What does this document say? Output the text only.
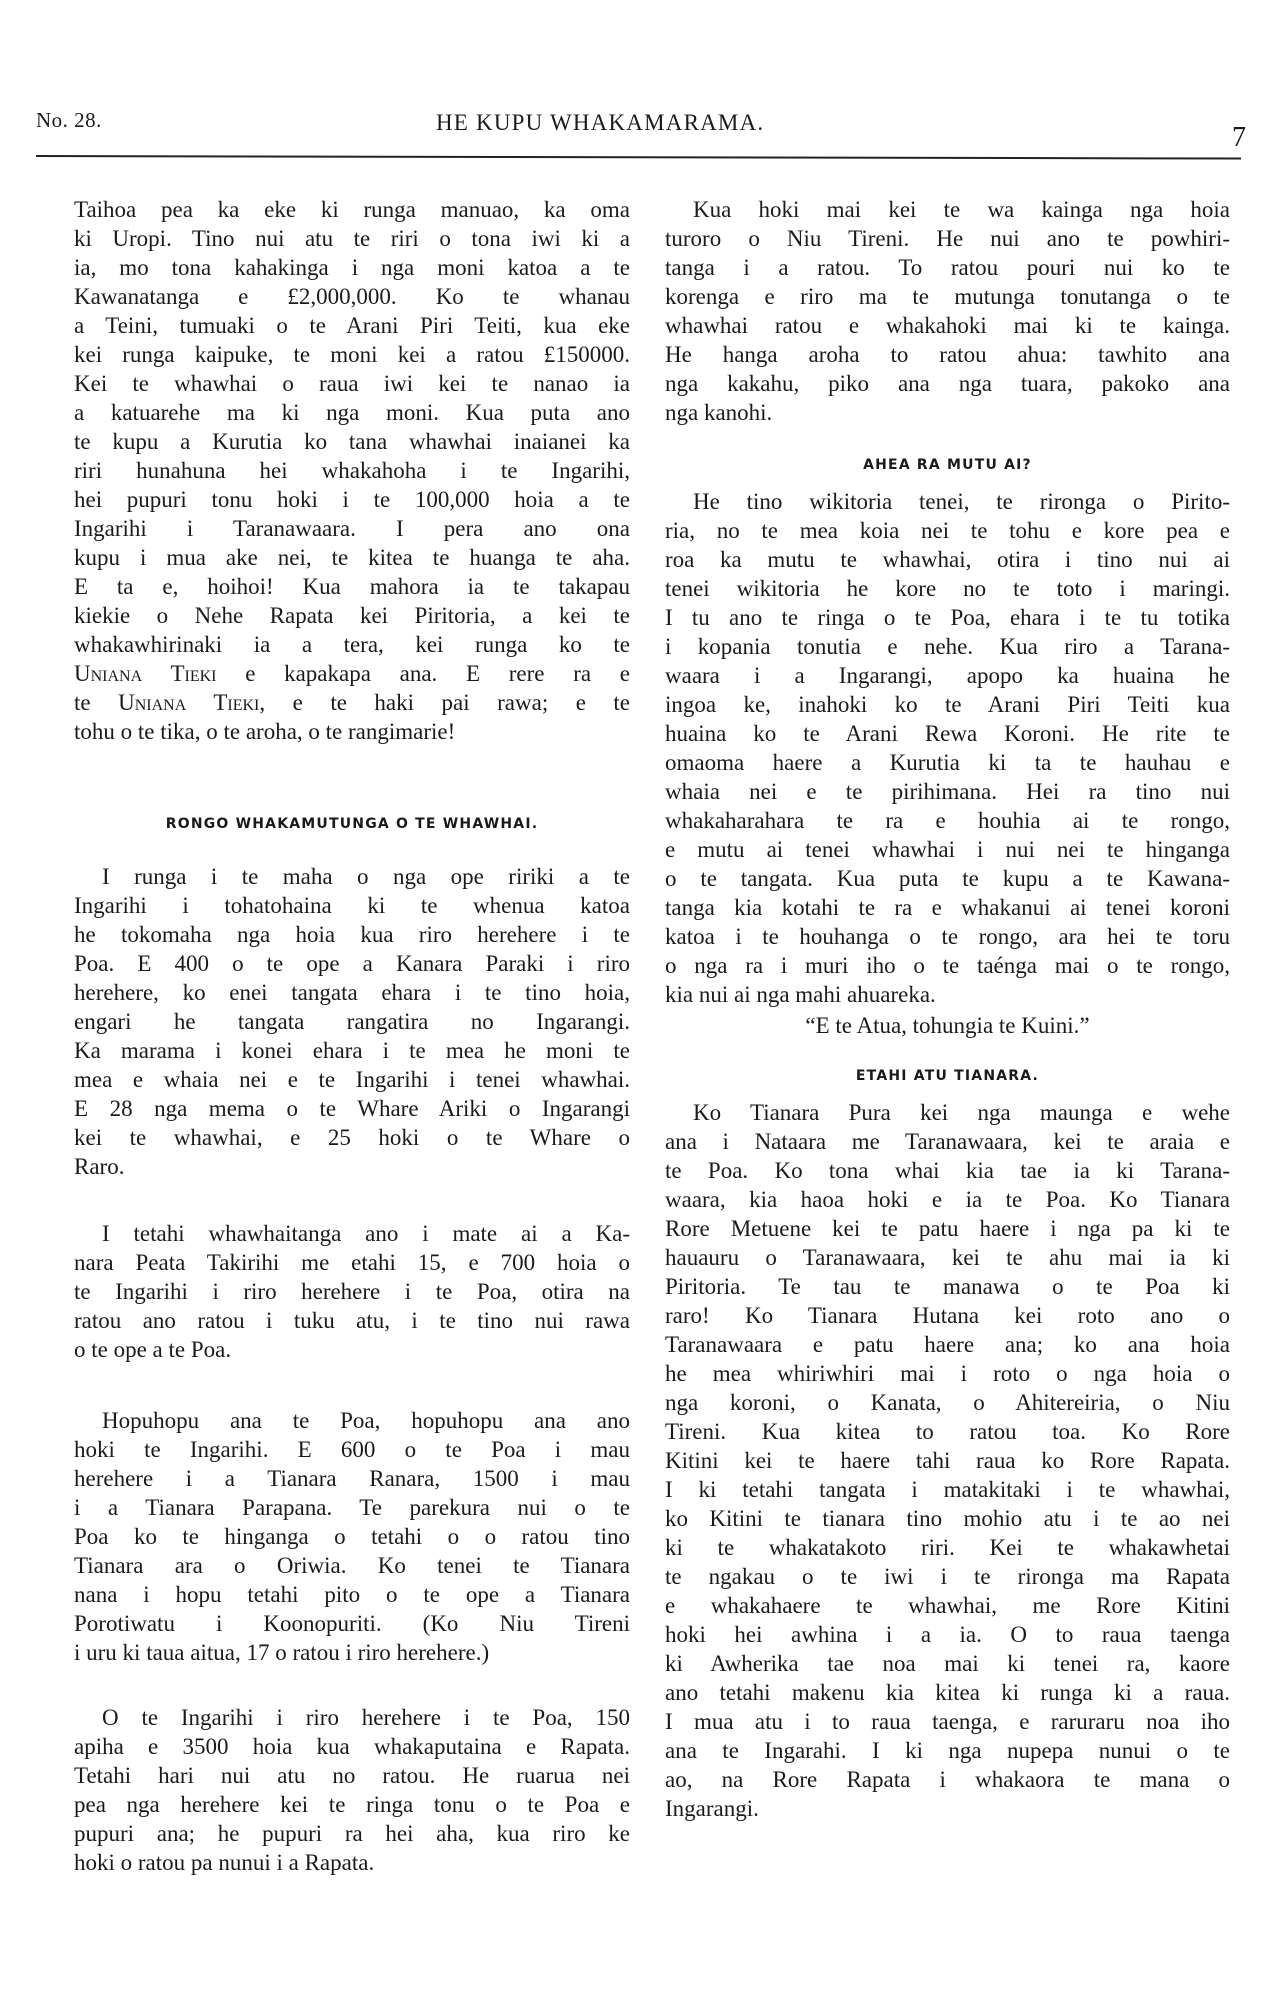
No. 28.	HE KUPU WHAKAMARAMA.	7
Taihoa pea ka eke ki runga manuao, ka oma
ki Uropi. Tino nui atu te riri o tona iwi ki a
ia, mo tona kahakinga i nga moni katoa a te
Kawanatanga e £2,000,000. Ko te whanau
a Teini, tumuaki o te Arani Piri Teiti, kua eke
kei runga kaipuke, te moni kei a ratou £150000.
Kei te whawhai o raua iwi kei te nanao ia
a katuarehe ma ki nga moni. Kua puta ano
te kupu a Kurutia ko tana whawhai inaianei ka
riri hunahuna hei whakahoha i te Ingarihi,
hei pupuri tonu hoki i te 100,000 hoia a te
Ingarihi i Taranawaara. I pera ano ona
kupu i mua ake nei, te kitea te huanga te aha.
E ta e, hoihoi! Kua mahora ia te takapau
kiekie o Nehe Rapata kei Piritoria, a kei te
whakawhirinaki ia a tera, kei runga ko te
Uniana Tieki e kapakapa ana. E rere ra e
te Uniana Tieki, e te haki pai rawa; e te
tohu o te tika, o te aroha, o te rangimarie!
RONGO WHAKAMUTUNGA O TE WHAWHAI.
I runga i te maha o nga ope ririki a te
Ingarihi i tohatohaina ki te whenua katoa
he tokomaha nga hoia kua riro herehere i te
Poa. E 400 o te ope a Kanara Paraki i riro
herehere, ko enei tangata ehara i te tino hoia,
engari he tangata rangatira no Ingarangi.
Ka marama i konei ehara i te mea he moni te
mea e whaia nei e te Ingarihi i tenei whawhai.
E 28 nga mema o te Whare Ariki o Ingarangi
kei te whawhai, e 25 hoki o te Whare o
Raro.
I tetahi whawhaitanga ano i mate ai a Ka-
nara Peata Takirihi me etahi 15, e 700 hoia o
te Ingarihi i riro herehere i te Poa, otira na
ratou ano ratou i tuku atu, i te tino nui rawa
o te ope a te Poa.
Hopuhopu ana te Poa, hopuhopu ana ano
hoki te Ingarihi. E 600 o te Poa i mau
herehere i a Tianara Ranara, 1500 i mau
i a Tianara Parapana. Te parekura nui o te
Poa ko te hinganga o tetahi o o ratou tino
Tianara ara o Oriwia. Ko tenei te Tianara
nana i hopu tetahi pito o te ope a Tianara
Porotiwatu i Koonopuriti. (Ko Niu Tireni
i uru ki taua aitua, 17 o ratou i riro herehere.)
O te Ingarihi i riro herehere i te Poa, 150
apiha e 3500 hoia kua whakaputaina e Rapata.
Tetahi hari nui atu no ratou. He ruarua nei
pea nga herehere kei te ringa tonu o te Poa e
pupuri ana; he pupuri ra hei aha, kua riro ke
hoki o ratou pa nunui i a Rapata.
Kua hoki mai kei te wa kainga nga hoia
turoro o Niu Tireni. He nui ano te powhiri-
tanga i a ratou. To ratou pouri nui ko te
korenga e riro ma te mutunga tonutanga o te
whawhai ratou e whakahoki mai ki te kainga.
He hanga aroha to ratou ahua: tawhito ana
nga kakahu, piko ana nga tuara, pakoko ana
nga kanohi.
AHEA RA MUTU AI?
He tino wikitoria tenei, te rironga o Pirito-
ria, no te mea koia nei te tohu e kore pea e
roa ka mutu te whawhai, otira i tino nui ai
tenei wikitoria he kore no te toto i maringi.
I tu ano te ringa o te Poa, ehara i te tu totika
i kopania tonutia e nehe. Kua riro a Tarana-
waara i a Ingarangi, apopo ka huaina he
ingoa ke, inahoki ko te Arani Piri Teiti kua
huaina ko te Arani Rewa Koroni. He rite te
omaoma haere a Kurutia ki ta te hauhau e
whaia nei e te pirihimana. Hei ra tino nui
whakaharahara te ra e houhia ai te rongo,
e mutu ai tenei whawhai i nui nei te hinganga
o te tangata. Kua puta te kupu a te Kawana-
tanga kia kotahi te ra e whakanui ai tenei koroni
katoa i te houhanga o te rongo, ara hei te toru
o nga ra i muri iho o te taénga mai o te rongo,
kia nui ai nga mahi ahuareka.
“E te Atua, tohungia te Kuini.”
ETAHI ATU TIANARA.
Ko Tianara Pura kei nga maunga e wehe
ana i Nataara me Taranawaara, kei te araia e
te Poa. Ko tona whai kia tae ia ki Tarana-
waara, kia haoa hoki e ia te Poa. Ko Tianara
Rore Metuene kei te patu haere i nga pa ki te
hauauru o Taranawaara, kei te ahu mai ia ki
Piritoria. Te tau te manawa o te Poa ki
raro! Ko Tianara Hutana kei roto ano o
Taranawaara e patu haere ana; ko ana hoia
he mea whiriwhiri mai i roto o nga hoia o
nga koroni, o Kanata, o Ahitereiria, o Niu
Tireni. Kua kitea to ratou toa. Ko Rore
Kitini kei te haere tahi raua ko Rore Rapata.
I ki tetahi tangata i matakitaki i te whawhai,
ko Kitini te tianara tino mohio atu i te ao nei
ki te whakatakoto riri. Kei te whakawhetai
te ngakau o te iwi i te rironga ma Rapata
e whakahaere te whawhai, me Rore Kitini
hoki hei awhina i a ia. O to raua taenga
ki Awherika tae noa mai ki tenei ra, kaore
ano tetahi makenu kia kitea ki runga ki a raua.
I mua atu i to raua taenga, e raruraru noa iho
ana te Ingarahi. I ki nga nupepa nunui o te
ao, na Rore Rapata i whakaora te mana o
Ingarangi.
